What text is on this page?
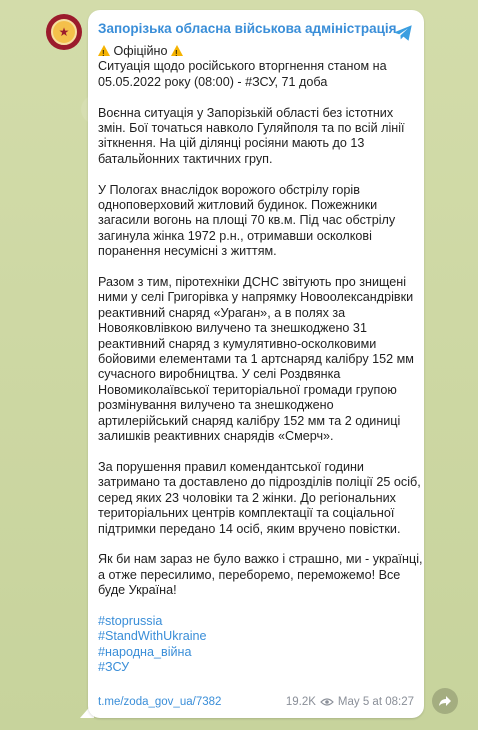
★	Запорізька обласна військова адміністрація
! Офіційно !
Ситуація щодо російського вторгнення станом на
05.05.2022 року (08:00) - #ЗСУ, 71 доба
Воєнна ситуація у Запорізькій області без істотних
змін. Бої точаться навколо Гуляйполя та по всій лінії
зіткнення. На цій ділянці росіяни мають до 13
батальйонних тактичних груп.
У Пологах внаслідок ворожого обстрілу горів
одноповерховий житловий будинок. Пожежники
загасили вогонь на площі 70 кв.м. Під час обстрілу
загинула жінка 1972 р.н., отримавши осколкові
поранення несумісні з життям.
Разом з тим, піротехніки ДСНС звітують про знищені
ними у селі Григорівка у напрямку Новоолександрівки
реактивний снаряд «Ураган», а в полях за
Новояковлівкою вилучено та знешкоджено 31
реактивний снаряд з кумулятивно-осколковими
бойовими елементами та 1 артснаряд калібру 152 мм
сучасного виробництва. У селі Роздвянка
Новомиколаївської територіальної громади групою
розмінування вилучено та знешкоджено
артилерійський снаряд калібру 152 мм та 2 одиниці
залишків реактивних снарядів «Смерч».
За порушення правил комендантської години
затримано та доставлено до підрозділів поліції 25 осіб,
серед яких 23 чоловіки та 2 жінки. До регіональних
територіальних центрів комплектації та соціальної
підтримки передано 14 осіб, яким вручено повістки.
Як би нам зараз не було важко і страшно, ми - українці,
а отже пересилимо, переборемо, переможемо! Все
буде Україна!
#stoprussia
#StandWithUkraine
#народна_війна
#ЗСУ
t.me/zoda_gov_ua/7382	19.2K May 5 at 08:27
